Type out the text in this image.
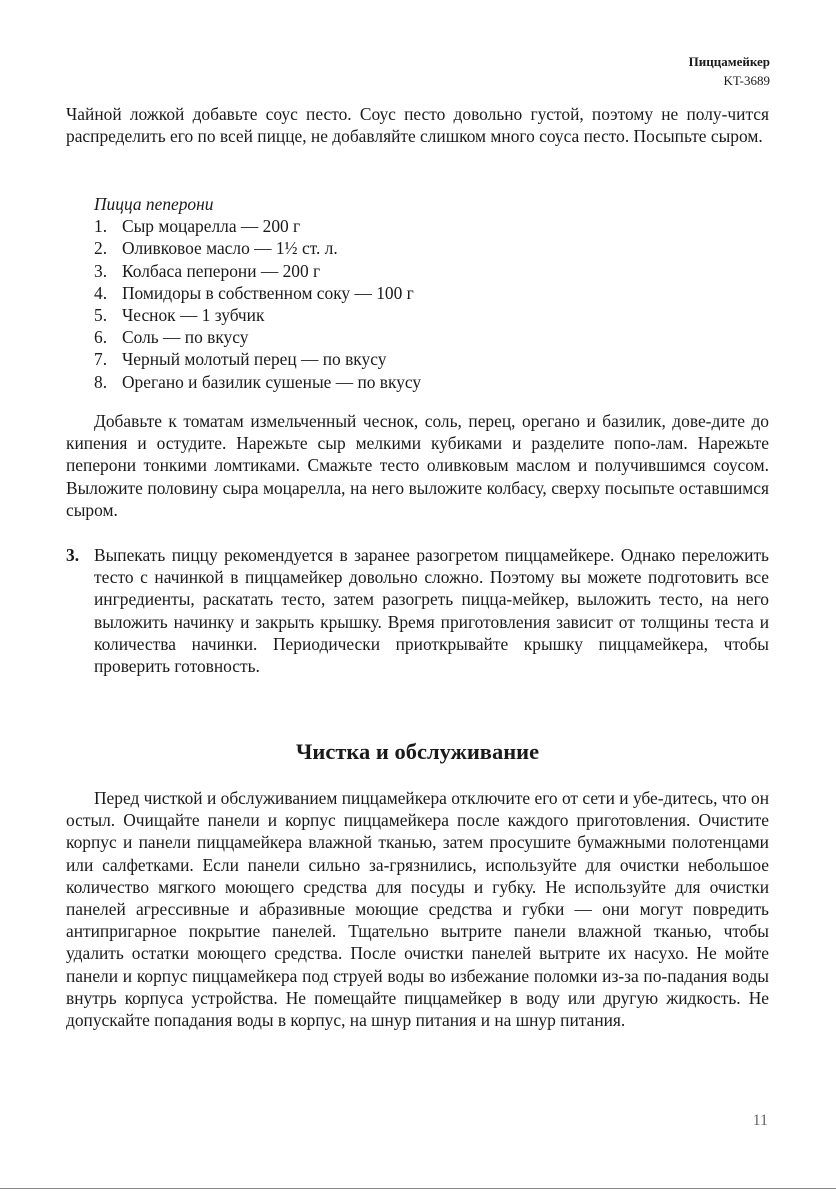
Пиццамейкер
KT-3689

Чайной ложкой добавьте соус песто. Соус песто довольно густой, поэтому не полу-чится распределить его по всей пицце, не добавляйте слишком много соуса песто. Посыпьте сыром.

Пицца пеперони
1. Сыр моцарелла — 200 г
2. Оливковое масло — 1½ ст. л.
3. Колбаса пеперони — 200 г
4. Помидоры в собственном соку — 100 г
5. Чеснок — 1 зубчик
6. Соль — по вкусу
7. Черный молотый перец — по вкусу
8. Орегано и базилик сушеные — по вкусу

Добавьте к томатам измельченный чеснок, соль, перец, орегано и базилик, дове-дите до кипения и остудите. Нарежьте сыр мелкими кубиками и разделите попо-лам. Нарежьте пеперони тонкими ломтиками. Смажьте тесто оливковым маслом и получившимся соусом. Выложите половину сыра моцарелла, на него выложите колбасу, сверху посыпьте оставшимся сыром.

3. Выпекать пиццу рекомендуется в заранее разогретом пиццамейкере. Однако переложить тесто с начинкой в пиццамейкер довольно сложно. Поэтому вы можете подготовить все ингредиенты, раскатать тесто, затем разогреть пицца-мейкер, выложить тесто, на него выложить начинку и закрыть крышку. Время приготовления зависит от толщины теста и количества начинки. Периодически приоткрывайте крышку пиццамейкера, чтобы проверить готовность.

Чистка и обслуживание

Перед чисткой и обслуживанием пиццамейкера отключите его от сети и убе-дитесь, что он остыл. Очищайте панели и корпус пиццамейкера после каждого приготовления. Очистите корпус и панели пиццамейкера влажной тканью, затем просушите бумажными полотенцами или салфетками. Если панели сильно за-грязнились, используйте для очистки небольшое количество мягкого моющего средства для посуды и губку. Не используйте для очистки панелей агрессивные и абразивные моющие средства и губки — они могут повредить антипригарное покрытие панелей. Тщательно вытрите панели влажной тканью, чтобы удалить остатки моющего средства. После очистки панелей вытрите их насухо. Не мойте панели и корпус пиццамейкера под струей воды во избежание поломки из-за по-падания воды внутрь корпуса устройства. Не помещайте пиццамейкер в воду или другую жидкость. Не допускайте попадания воды в корпус, на шнур питания и на шнур питания.

11
